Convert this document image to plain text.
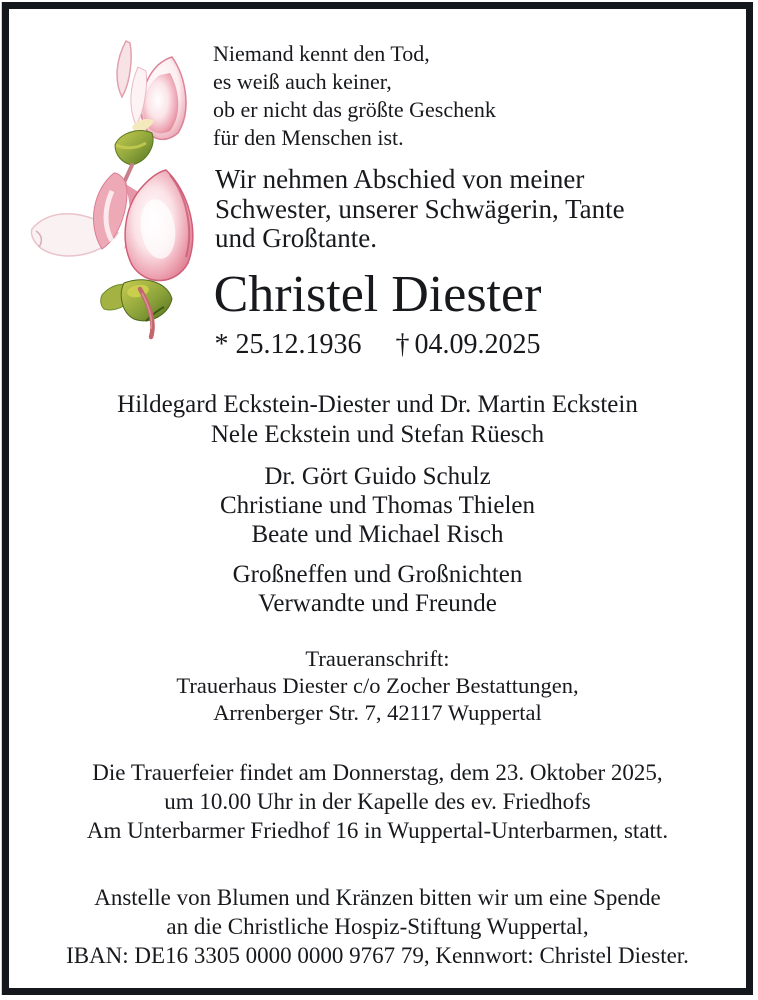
Niemand kennt den Tod,
es weiß auch keiner,
ob er nicht das größte Geschenk
für den Menschen ist.
Wir nehmen Abschied von meiner
Schwester, unserer Schwägerin, Tante
und Großtante.
Christel Diester
* 25.12.1936 † 04.09.2025
Hildegard Eckstein-Diester und Dr. Martin Eckstein
Nele Eckstein und Stefan Rüesch
Dr. Gört Guido Schulz
Christiane und Thomas Thielen
Beate und Michael Risch
Großneffen und Großnichten
Verwandte und Freunde
Traueranschrift:
Trauerhaus Diester c/o Zocher Bestattungen,
Arrenberger Str. 7, 42117 Wuppertal
Die Trauerfeier findet am Donnerstag, dem 23. Oktober 2025,
um 10.00 Uhr in der Kapelle des ev. Friedhofs
Am Unterbarmer Friedhof 16 in Wuppertal-Unterbarmen, statt.
Anstelle von Blumen und Kränzen bitten wir um eine Spende
an die Christliche Hospiz-Stiftung Wuppertal,
IBAN: DE16 3305 0000 0000 9767 79, Kennwort: Christel Diester.
